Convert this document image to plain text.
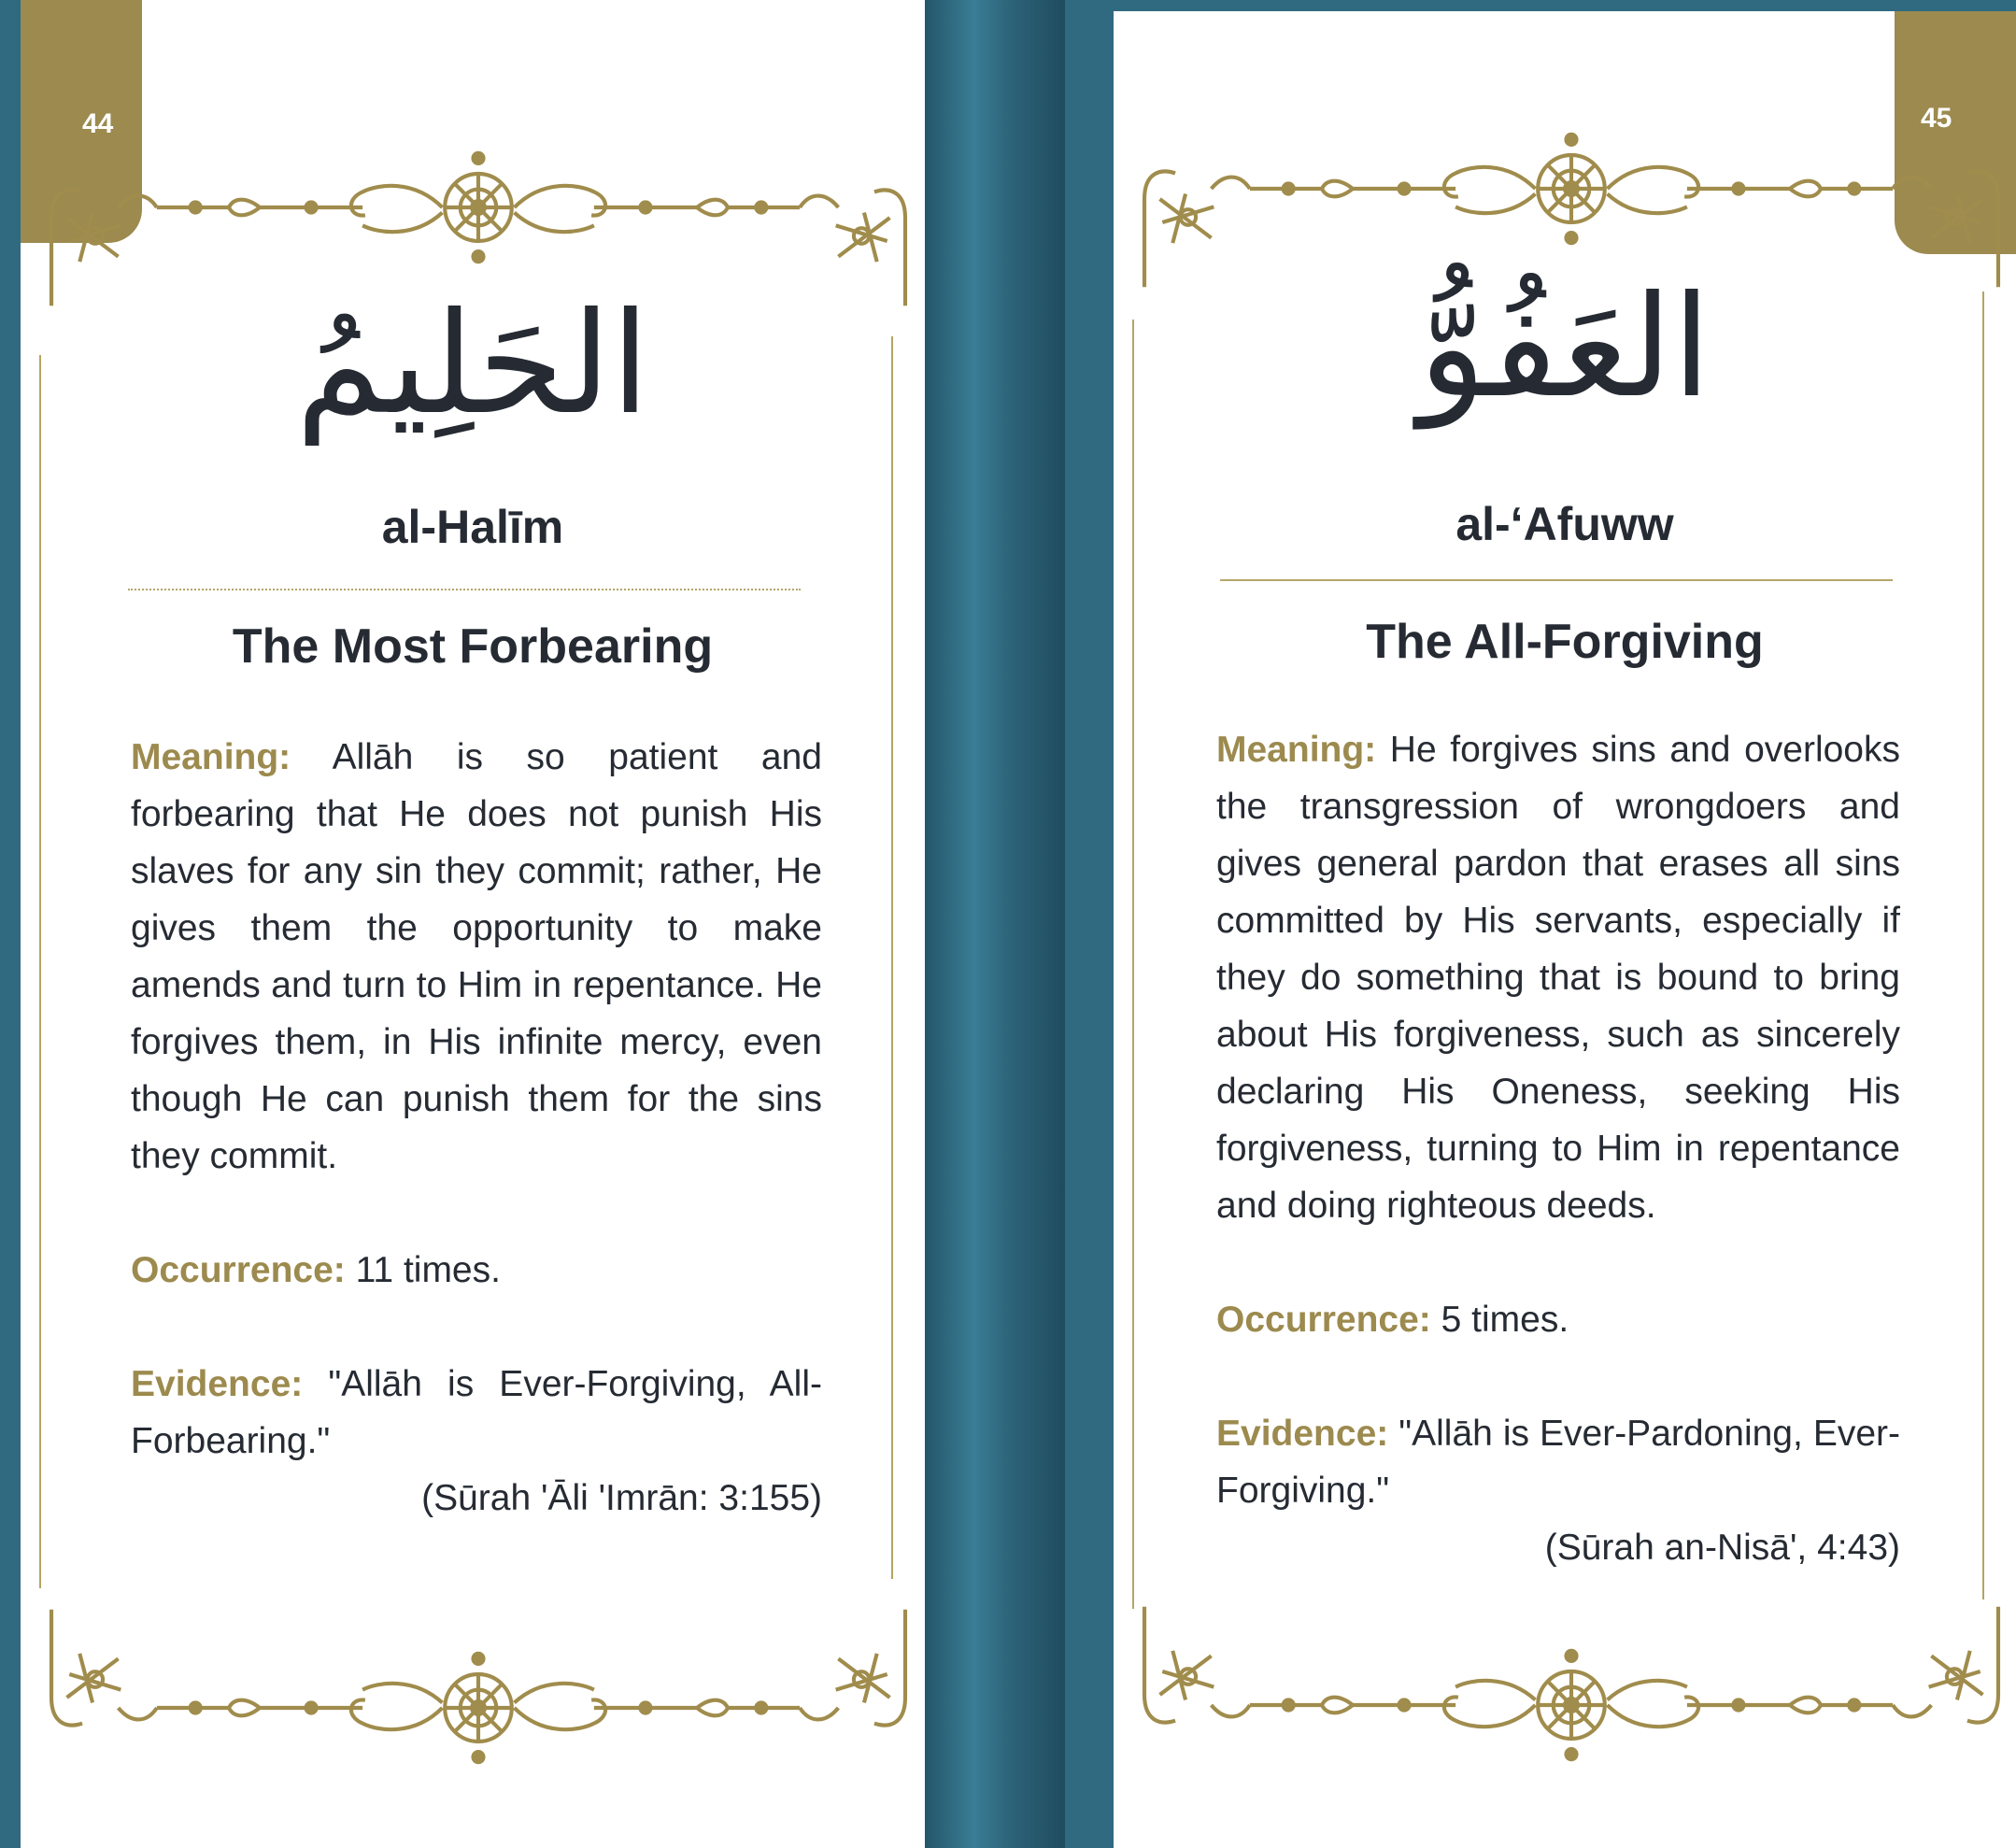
44
الحَلِيمُ
al-Halīm
The Most Forbearing

Meaning: Allāh is so patient and forbearing that He does not punish His slaves for any sin they commit; rather, He gives them the opportunity to make amends and turn to Him in repentance. He forgives them, in His infinite mercy, even though He can punish them for the sins they commit.

Occurrence: 11 times.

Evidence: "Allāh is Ever-Forgiving, All-Forbearing."

(Sūrah 'Āli 'Imrān: 3:155)

45
العَفُوُّ
al-‘Afuww
The All-Forgiving

Meaning: He forgives sins and overlooks the transgression of wrongdoers and gives general pardon that erases all sins committed by His servants, especially if they do something that is bound to bring about His forgiveness, such as sincerely declaring His Oneness, seeking His forgiveness, turning to Him in repentance and doing righteous deeds.

Occurrence: 5 times.

Evidence: "Allāh is Ever-Pardoning, Ever-Forgiving."

(Sūrah an-Nisā', 4:43)
